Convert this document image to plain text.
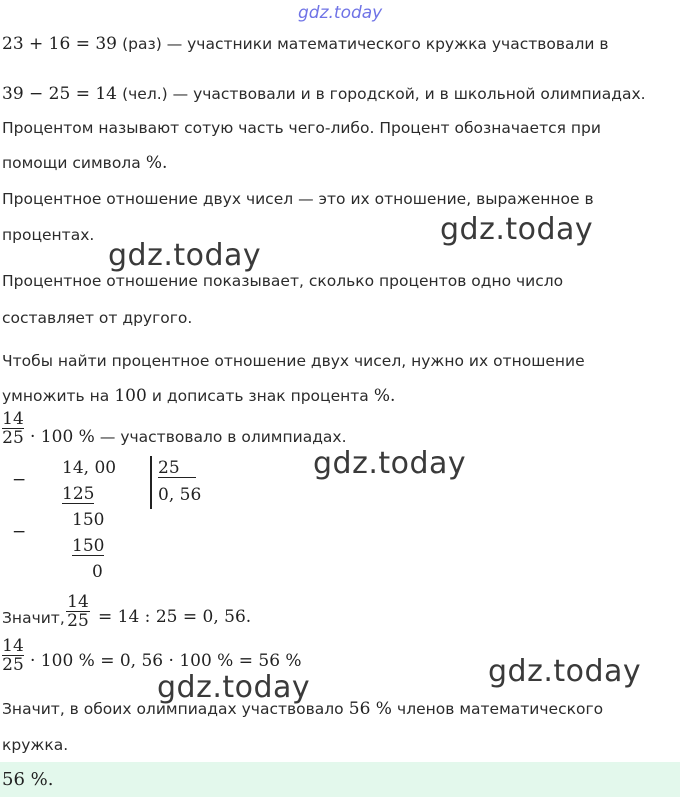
gdz.today
23 + 16 = 39 (раз) — участники математического кружка участвовали в
39 − 25 = 14 (чел.) — участвовали и в городской, и в школьной олимпиадах.
Процентом называют сотую часть чего-либо. Процент обозначается при
помощи символа %.
Процентное отношение двух чисел — это их отношение, выраженное в
процентах.
Процентное отношение показывает, сколько процентов одно число
составляет от другого.
Чтобы найти процентное отношение двух чисел, нужно их отношение
умножить на 100 и дописать знак процента %.
$\frac{14}{25} \cdot 100$ % — участвовало в олимпиадах.
−
14, 00
125
25
0, 56
150
−
150
0
Значит, $\frac{14}{25} = 14$ : 25 = 0, 56.
$\frac{14}{25} \cdot 100$ % = 0, 56 · 100 % = 56 %
Значит, в обоих олимпиадах участвовало 56 % членов математического
кружка.
56 %.
gdz.today
gdz.today
gdz.today
gdz.today
gdz.today
